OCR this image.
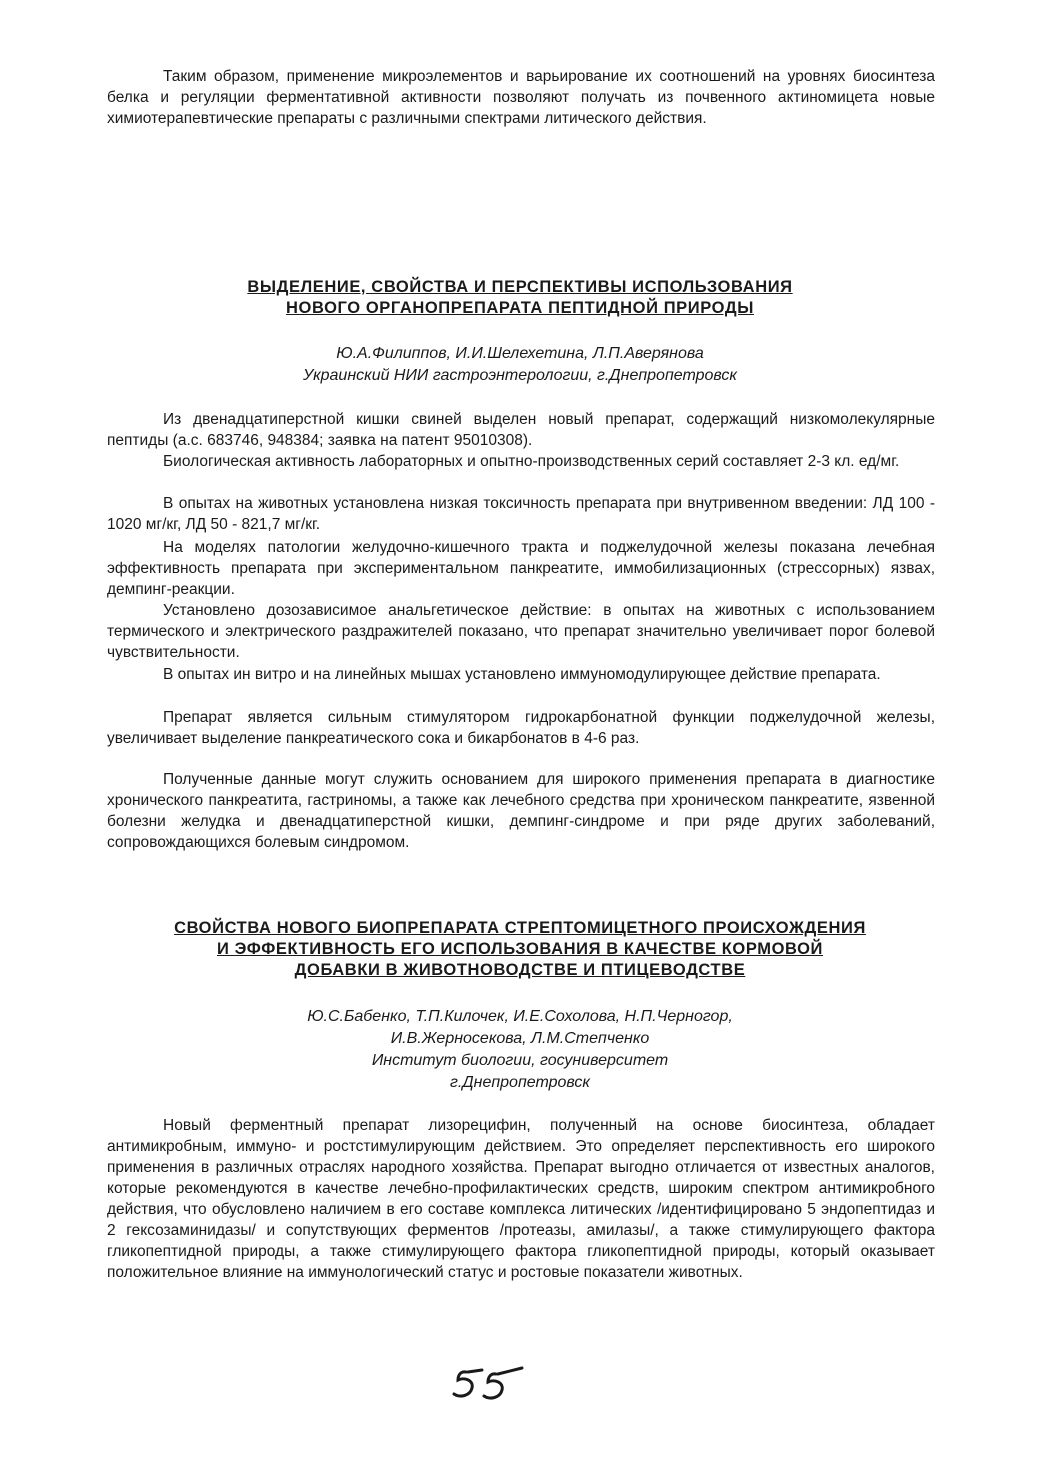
Таким образом, применение микроэлементов и варьирование их соотношений на уровнях биосинтеза белка и регуляции ферментативной активности позволяют получать из почвенного актиномицета новые химиотерапевтические препараты с различными спектрами литического действия.

ВЫДЕЛЕНИЕ, СВОЙСТВА И ПЕРСПЕКТИВЫ ИСПОЛЬЗОВАНИЯ
НОВОГО ОРГАНОПРЕПАРАТА ПЕПТИДНОЙ ПРИРОДЫ
Ю.А.Филиппов, И.И.Шелехетина, Л.П.Аверянова
Украинский НИИ гастроэнтерологии, г.Днепропетровск

Из двенадцатиперстной кишки свиней выделен новый препарат, содержащий низкомолекулярные пептиды (а.с. 683746, 948384; заявка на патент 95010308).

Биологическая активность лабораторных и опытно-производственных серий составляет 2-3 кл. ед/мг.

В опытах на животных установлена низкая токсичность препарата при внутривенном введении: ЛД 100 - 1020 мг/кг, ЛД 50 - 821,7 мг/кг.

На моделях патологии желудочно-кишечного тракта и поджелудочной железы показана лечебная эффективность препарата при экспериментальном панкреатите, иммобилизационных (стрессорных) язвах, демпинг-реакции.

Установлено дозозависимое анальгетическое действие: в опытах на животных с использованием термического и электрического раздражителей показано, что препарат значительно увеличивает порог болевой чувствительности.

В опытах ин витро и на линейных мышах установлено иммуномодулирующее действие препарата.

Препарат является сильным стимулятором гидрокарбонатной функции поджелудочной железы, увеличивает выделение панкреатического сока и бикарбонатов в 4-6 раз.

Полученные данные могут служить основанием для широкого применения препарата в диагностике хронического панкреатита, гастриномы, а также как лечебного средства при хроническом панкреатите, язвенной болезни желудка и двенадцатиперстной кишки, демпинг-синдроме и при ряде других заболеваний, сопровождающихся болевым синдромом.

СВОЙСТВА НОВОГО БИОПРЕПАРАТА СТРЕПТОМИЦЕТНОГО ПРОИСХОЖДЕНИЯ
И ЭФФЕКТИВНОСТЬ ЕГО ИСПОЛЬЗОВАНИЯ В КАЧЕСТВЕ КОРМОВОЙ
ДОБАВКИ В ЖИВОТНОВОДСТВЕ И ПТИЦЕВОДСТВЕ
Ю.С.Бабенко, Т.П.Килочек, И.Е.Сохолова, Н.П.Черногор,
И.В.Жерносекова, Л.М.Степченко
Институт биологии, госуниверситет
г.Днепропетровск

Новый ферментный препарат лизорецифин, полученный на основе биосинтеза, обладает антимикробным, иммуно- и ростстимулирующим действием. Это определяет перспективность его широкого применения в различных отраслях народного хозяйства. Препарат выгодно отличается от известных аналогов, которые рекомендуются в качестве лечебно-профилактических средств, широким спектром антимикробного действия, что обусловлено наличием в его составе комплекса литических /идентифицировано 5 эндопептидаз и 2 гексозаминидазы/ и сопутствующих ферментов /протеазы, амилазы/, а также стимулирующего фактора гликопептидной природы, а также стимулирующего фактора гликопептидной природы, который оказывает положительное влияние на иммунологический статус и ростовые показатели животных.
